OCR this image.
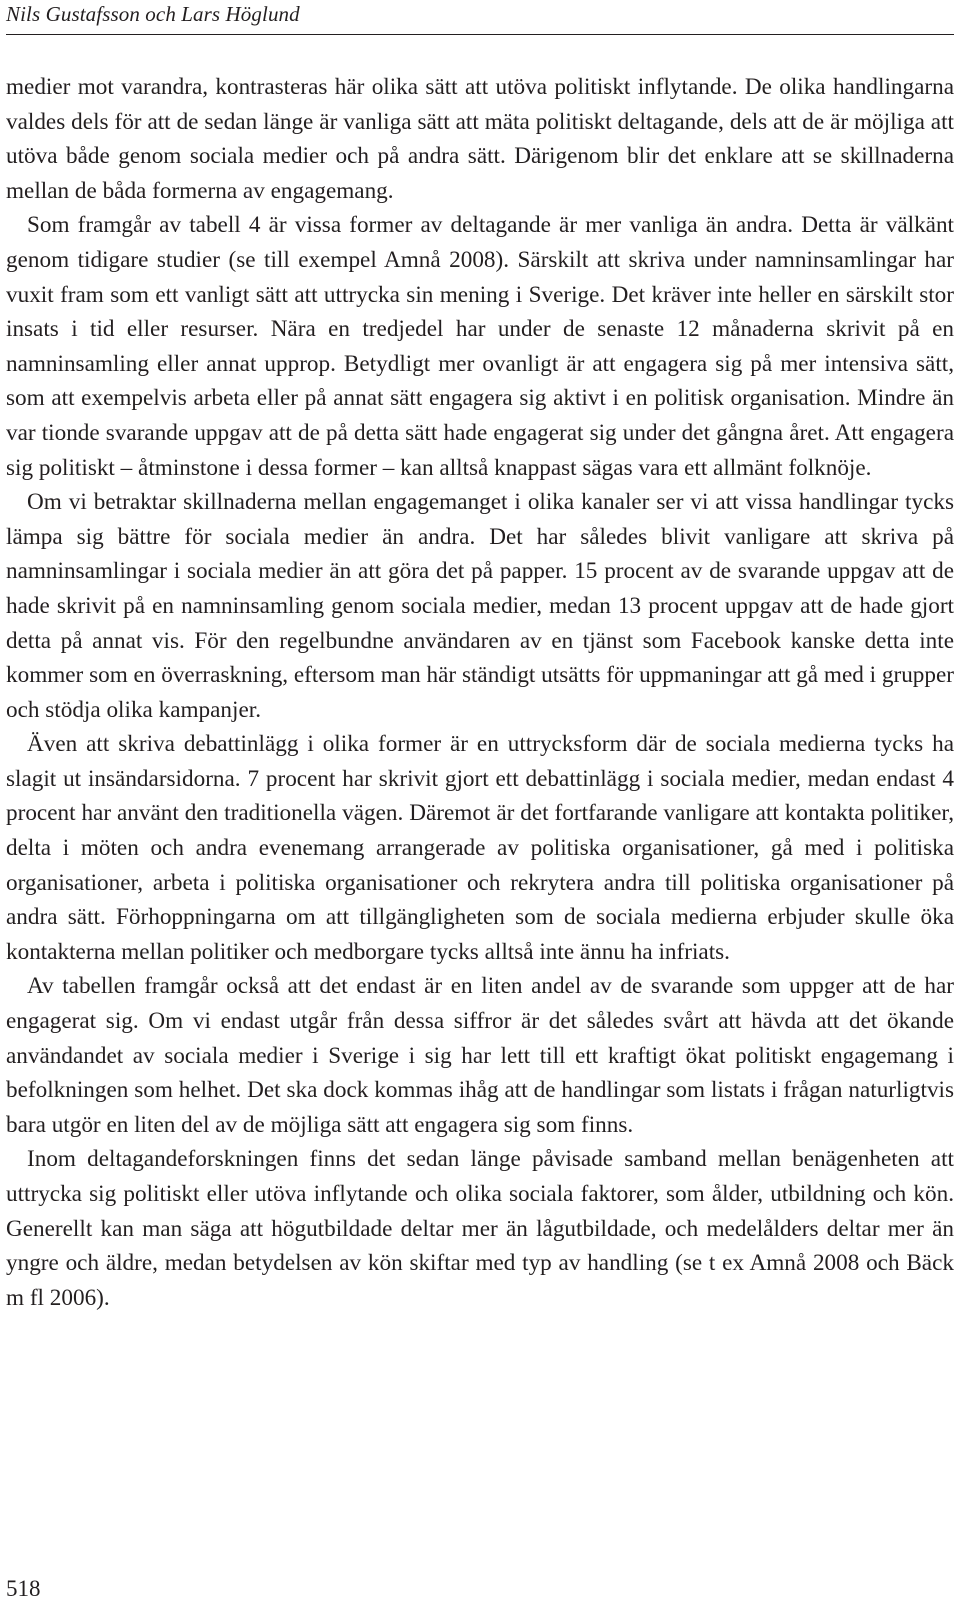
Nils Gustafsson och Lars Höglund

medier mot varandra, kontrasteras här olika sätt att utöva politiskt inflytande. De olika handlingarna valdes dels för att de sedan länge är vanliga sätt att mäta politiskt deltagande, dels att de är möjliga att utöva både genom sociala medier och på andra sätt. Därigenom blir det enklare att se skillnaderna mellan de båda formerna av engagemang.

Som framgår av tabell 4 är vissa former av deltagande är mer vanliga än andra. Detta är välkänt genom tidigare studier (se till exempel Amnå 2008). Särskilt att skriva under namninsamlingar har vuxit fram som ett vanligt sätt att uttrycka sin mening i Sverige. Det kräver inte heller en särskilt stor insats i tid eller resurser. Nära en tredjedel har under de senaste 12 månaderna skrivit på en namninsamling eller annat upprop. Betydligt mer ovanligt är att engagera sig på mer intensiva sätt, som att exempelvis arbeta eller på annat sätt engagera sig aktivt i en politisk organisation. Mindre än var tionde svarande uppgav att de på detta sätt hade engagerat sig under det gångna året. Att engagera sig politiskt – åtminstone i dessa former – kan alltså knappast sägas vara ett allmänt folknöje.

Om vi betraktar skillnaderna mellan engagemanget i olika kanaler ser vi att vissa handlingar tycks lämpa sig bättre för sociala medier än andra. Det har således blivit vanligare att skriva på namninsamlingar i sociala medier än att göra det på papper. 15 procent av de svarande uppgav att de hade skrivit på en namninsamling genom sociala medier, medan 13 procent uppgav att de hade gjort detta på annat vis. För den regelbundne användaren av en tjänst som Facebook kanske detta inte kommer som en överraskning, eftersom man här ständigt utsätts för uppmaningar att gå med i grupper och stödja olika kampanjer.

Även att skriva debattinlägg i olika former är en uttrycksform där de sociala medierna tycks ha slagit ut insändarsidorna. 7 procent har skrivit gjort ett debattinlägg i sociala medier, medan endast 4 procent har använt den traditionella vägen. Däremot är det fortfarande vanligare att kontakta politiker, delta i möten och andra evenemang arrangerade av politiska organisationer, gå med i politiska organisationer, arbeta i politiska organisationer och rekrytera andra till politiska organisationer på andra sätt. Förhoppningarna om att tillgängligheten som de sociala medierna erbjuder skulle öka kontakterna mellan politiker och medborgare tycks alltså inte ännu ha infriats.

Av tabellen framgår också att det endast är en liten andel av de svarande som uppger att de har engagerat sig. Om vi endast utgår från dessa siffror är det således svårt att hävda att det ökande användandet av sociala medier i Sverige i sig har lett till ett kraftigt ökat politiskt engagemang i befolkningen som helhet. Det ska dock kommas ihåg att de handlingar som listats i frågan naturligtvis bara utgör en liten del av de möjliga sätt att engagera sig som finns.

Inom deltagandeforskningen finns det sedan länge påvisade samband mellan benägenheten att uttrycka sig politiskt eller utöva inflytande och olika sociala faktorer, som ålder, utbildning och kön. Generellt kan man säga att högutbildade deltar mer än lågutbildade, och medelålders deltar mer än yngre och äldre, medan betydelsen av kön skiftar med typ av handling (se t ex Amnå 2008 och Bäck m fl 2006).

518
